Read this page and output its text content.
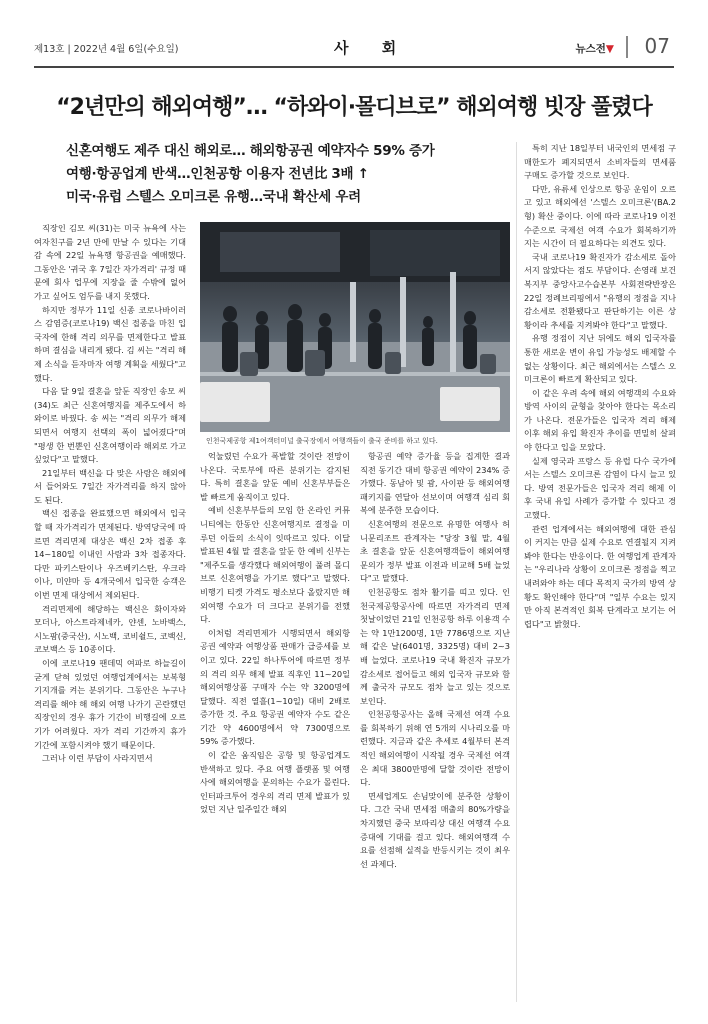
제13호 | 2022년 4월 6일(수요일)	사 회	뉴스전▼ 07
“2년만의 해외여행”… “하와이·몰디브로” 해외여행 빗장 풀렸다
신혼여행도 제주 대신 해외로… 해외항공권 예약자수 59% 증가
여행·항공업계 반색…인천공항 이용자 전년比 3배 ↑
미국·유럽 스텔스 오미크론 유행…국내 확산세 우려

직장인 김모 씨(31)는 미국 뉴욕에 사는 여자친구를 2년 만에 만날 수 있다는 기대감 속에 22일 뉴욕행 항공권을 예매했다. 그동안은 '귀국 후 7일간 자가격리' 규정 때문에 회사 업무에 지장을 줄 수밖에 없어 가고 싶어도 엄두를 내지 못했다.

하지만 정부가 11일 신종 코로나바이러스 감염증(코로나19) 백신 접종을 마친 입국자에 한해 격리 의무를 면제한다고 발표하며 결심을 내리게 됐다. 김 씨는 "격리 해제 소식을 듣자마자 여행 계획을 세웠다"고 했다.

다음 달 9일 결혼을 앞둔 직장인 송모 씨(34)도 최근 신혼여행지를 제주도에서 하와이로 바꿨다. 송 씨는 "격리 의무가 해제되면서 여행지 선택의 폭이 넓어졌다"며 "평생 한 번뿐인 신혼여행이라 해외로 가고 싶었다"고 말했다.

21일부터 백신을 다 맞은 사람은 해외에서 들어와도 7일간 자가격리를 하지 않아도 된다.

백신 접종을 완료했으면 해외에서 입국할 때 자가격리가 면제된다. 방역당국에 따르면 격리면제 대상은 백신 2차 접종 후 14~180일 이내인 사람과 3차 접종자다. 다만 파키스탄이나 우즈베키스탄, 우크라이나, 미얀마 등 4개국에서 입국한 승객은 이번 면제 대상에서 제외된다.

격리면제에 해당하는 백신은 화이자와 모더나, 아스트라제네카, 얀센, 노바백스, 시노팜(중국산), 시노백, 코비쉴드, 코백신, 코보백스 등 10종이다.

이에 코로나19 팬데믹 여파로 하늘길이 굳게 닫혀 있었던 여행업계에서는 보복형 기지개를 켜는 분위기다. 그동안은 누구나 격리를 해야 해 해외 여행 나가기 곤란했던 직장인의 경우 휴가 기간이 비행길에 오르기가 어려웠다. 자가 격리 기간까지 휴가 기간에 포함시켜야 했기 때문이다.

그러나 이런 부담이 사라지면서

인천국제공항 제1여객터미널 출국장에서 여행객들이 출국 준비를 하고 있다.

억눌렸던 수요가 폭발할 것이란 전망이 나온다. 국토부에 따른 분위기는 감지된다. 특히 결혼을 앞둔 예비 신혼부부들은 발 빠르게 움직이고 있다.

예비 신혼부부들의 모임 한 온라인 커뮤니티에는 한동안 신혼여행지로 결정을 미루던 이들의 소식이 잇따르고 있다. 이달 발표된 4월 말 결혼을 앞둔 한 예비 신부는 "제주도를 생각했다 해외여행이 풀려 몰디브로 신혼여행을 가기로 했다"고 말했다. 비행기 티켓 가격도 평소보다 올랐지만 해외여행 수요가 더 크다고 분위기를 전했다.

이처럼 격리면제가 시행되면서 해외항공권 예약과 여행상품 판매가 급증세를 보이고 있다. 22일 하나투어에 따르면 정부의 격리 의무 해제 발표 직후인 11~20일 해외여행상품 구매자 수는 약 3200명에 달했다. 직전 열흘(1~10일) 대비 2배로 증가한 것. 주요 항공권 예약자 수도 같은 기간 약 4600명에서 약 7300명으로 59% 증가했다.

이 같은 움직임은 공항 및 항공업계도 반색하고 있다. 주요 여행 플랫폼 및 여행사에 해외여행을 문의하는 수요가 몰린다. 인터파크투어 경우의 격리 면제 발표가 있었던 지난 일주일간 해외

항공권 예약 증가율 등을 집계한 결과 직전 동기간 대비 항공권 예약이 234% 증가했다. 동남아 및 괌, 사이판 등 해외여행 패키지를 연달아 선보이며 여행객 심리 회복에 분주한 모습이다.

신혼여행의 전문으로 유명한 여행사 허니문리조트 관계자는 "당장 3월 말, 4월 초 결혼을 앞둔 신혼여행객들이 해외여행 문의가 정부 발표 이전과 비교해 5배 늘었다"고 말했다.

인천공항도 점차 활기를 띠고 있다. 인천국제공항공사에 따르면 자가격리 면제 첫날이었던 21일 인천공항 하루 이용객 수는 약 1만1200명, 1만 7786명으로 지난해 같은 날(6401명, 3325명) 대비 2~3배 늘었다. 코로나19 국내 확진자 규모가 감소세로 접어들고 해외 입국자 규모와 함께 출국자 규모도 점차 늘고 있는 것으로 보인다.

인천공항공사는 올해 국제선 여객 수요를 회복하기 위해 연 5개의 시나리오를 마련했다. 지금과 같은 추세로 4월부터 본격적인 해외여행이 시작될 경우 국제선 여객은 최대 3800만명에 달할 것이란 전망이다.

면세업계도 손님맞이에 분주한 상황이다. 그간 국내 면세점 매출의 80%가량을 차지했던 중국 보따리상 대신 여행객 수요 증대에 기대를 걸고 있다. 해외여행객 수요를 선점해 실적을 반등시키는 것이 최우선 과제다.

특히 지난 18일부터 내국인의 면세점 구매한도가 폐지되면서 소비자들의 면세품 구매도 증가할 것으로 보인다.

다만, 유류세 인상으로 항공 운임이 오르고 있고 해외에선 '스텔스 오미크론'(BA.2형) 확산 중이다. 이에 따라 코로나19 이전 수준으로 국제선 여객 수요가 회복하기까지는 시간이 더 필요하다는 의견도 있다.

국내 코로나19 확진자가 감소세로 돌아서지 않았다는 점도 부담이다. 손영래 보건복지부 중앙사고수습본부 사회전략반장은 22일 정례브리핑에서 "유행의 정점을 지나 감소세로 전환됐다고 판단하기는 이른 상황이라 추세를 지켜봐야 한다"고 말했다.

유행 정점이 지난 뒤에도 해외 입국자를 통한 새로운 변이 유입 가능성도 배제할 수 없는 상황이다. 최근 해외에서는 스텔스 오미크론이 빠르게 확산되고 있다.

이 같은 우려 속에 해외 여행객의 수요와 방역 사이의 균형을 찾아야 한다는 목소리가 나온다. 전문가들은 입국자 격리 해제 이후 해외 유입 확진자 추이를 면밀히 살펴야 한다고 입을 모았다.

실제 영국과 프랑스 등 유럽 다수 국가에서는 스텔스 오미크론 감염이 다시 늘고 있다. 방역 전문가들은 입국자 격리 해제 이후 국내 유입 사례가 증가할 수 있다고 경고했다.

관련 업계에서는 해외여행에 대한 관심이 커지는 만큼 실제 수요로 연결될지 지켜봐야 한다는 반응이다. 한 여행업계 관계자는 "우리나라 상황이 오미크론 정점을 찍고 내려와야 하는 데다 목적지 국가의 방역 상황도 확인해야 한다"며 "일부 수요는 있지만 아직 본격적인 회복 단계라고 보기는 어렵다"고 밝혔다.
